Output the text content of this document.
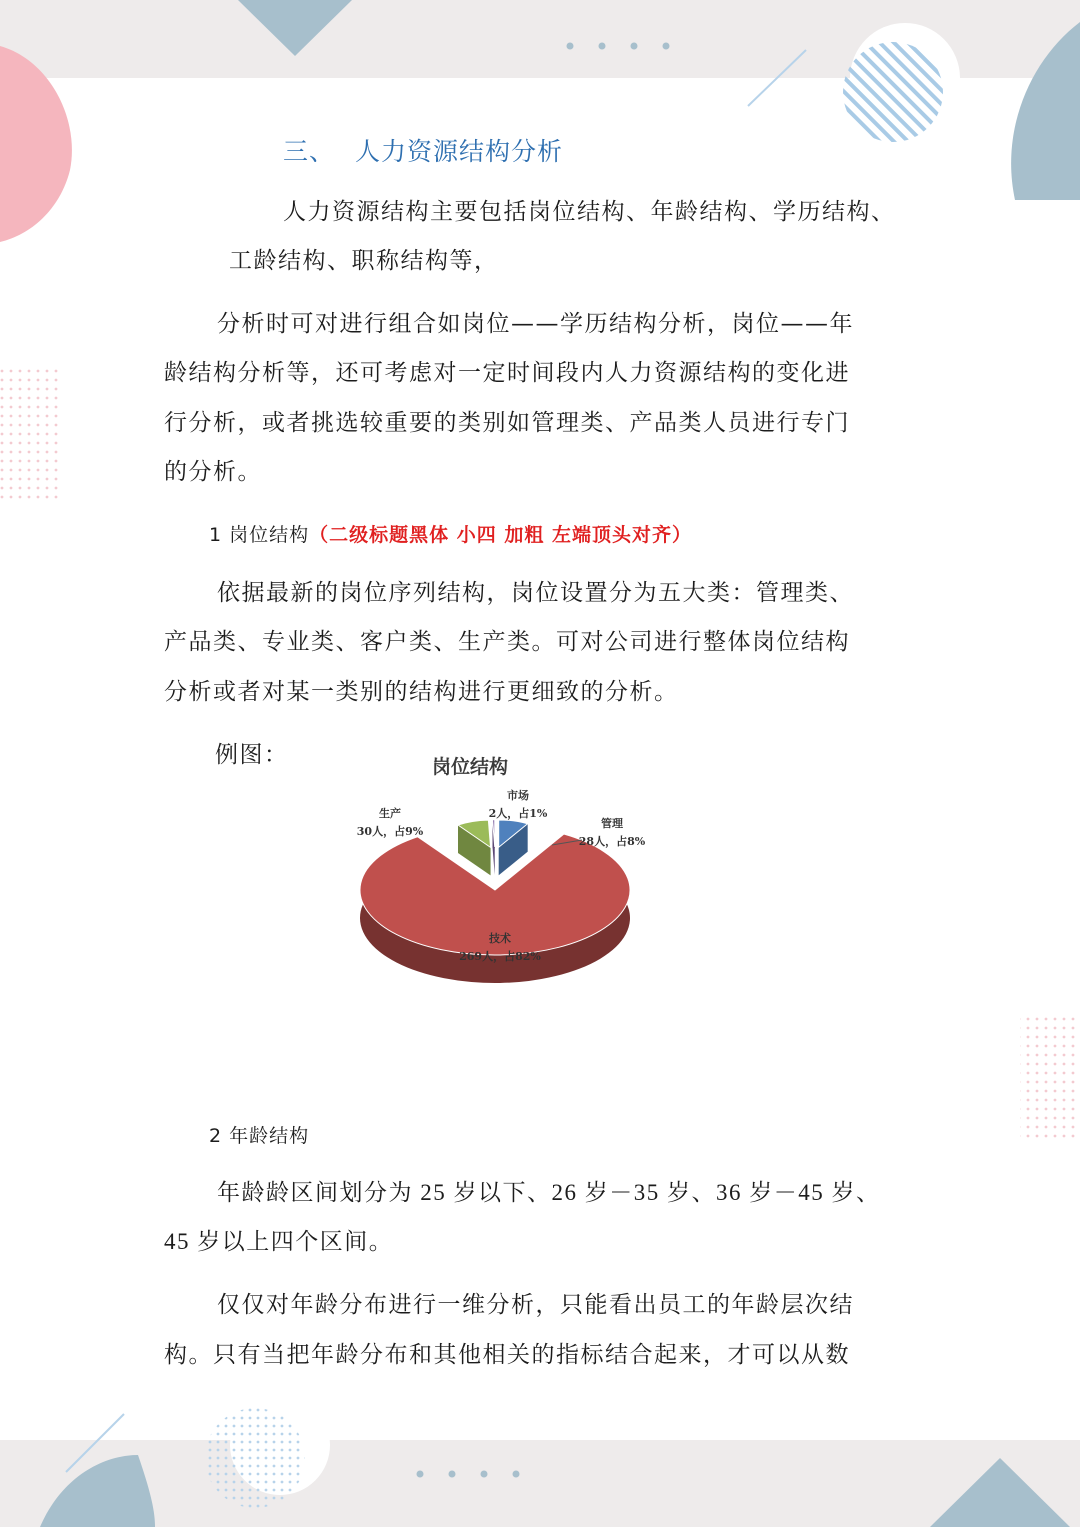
三、 人力资源结构分析
人力资源结构主要包括岗位结构、年龄结构、学历结构、
工龄结构、职称结构等，
分析时可对进行组合如岗位——学历结构分析，岗位——年
龄结构分析等，还可考虑对一定时间段内人力资源结构的变化进
行分析，或者挑选较重要的类别如管理类、产品类人员进行专门
的分析。
1 岗位结构（二级标题黑体 小四 加粗 左端顶头对齐）
依据最新的岗位序列结构，岗位设置分为五大类：管理类、
产品类、专业类、客户类、生产类。可对公司进行整体岗位结构
分析或者对某一类别的结构进行更细致的分析。
例图：	岗位结构
管理
28人，占8%
技术
269人，占82%
生产
30人，占9%
市场
2人，占1%
2 年龄结构
年龄龄区间划分为 25 岁以下、26 岁－35 岁、36 岁－45 岁、
45 岁以上四个区间。
仅仅对年龄分布进行一维分析，只能看出员工的年龄层次结
构。只有当把年龄分布和其他相关的指标结合起来，才可以从数
